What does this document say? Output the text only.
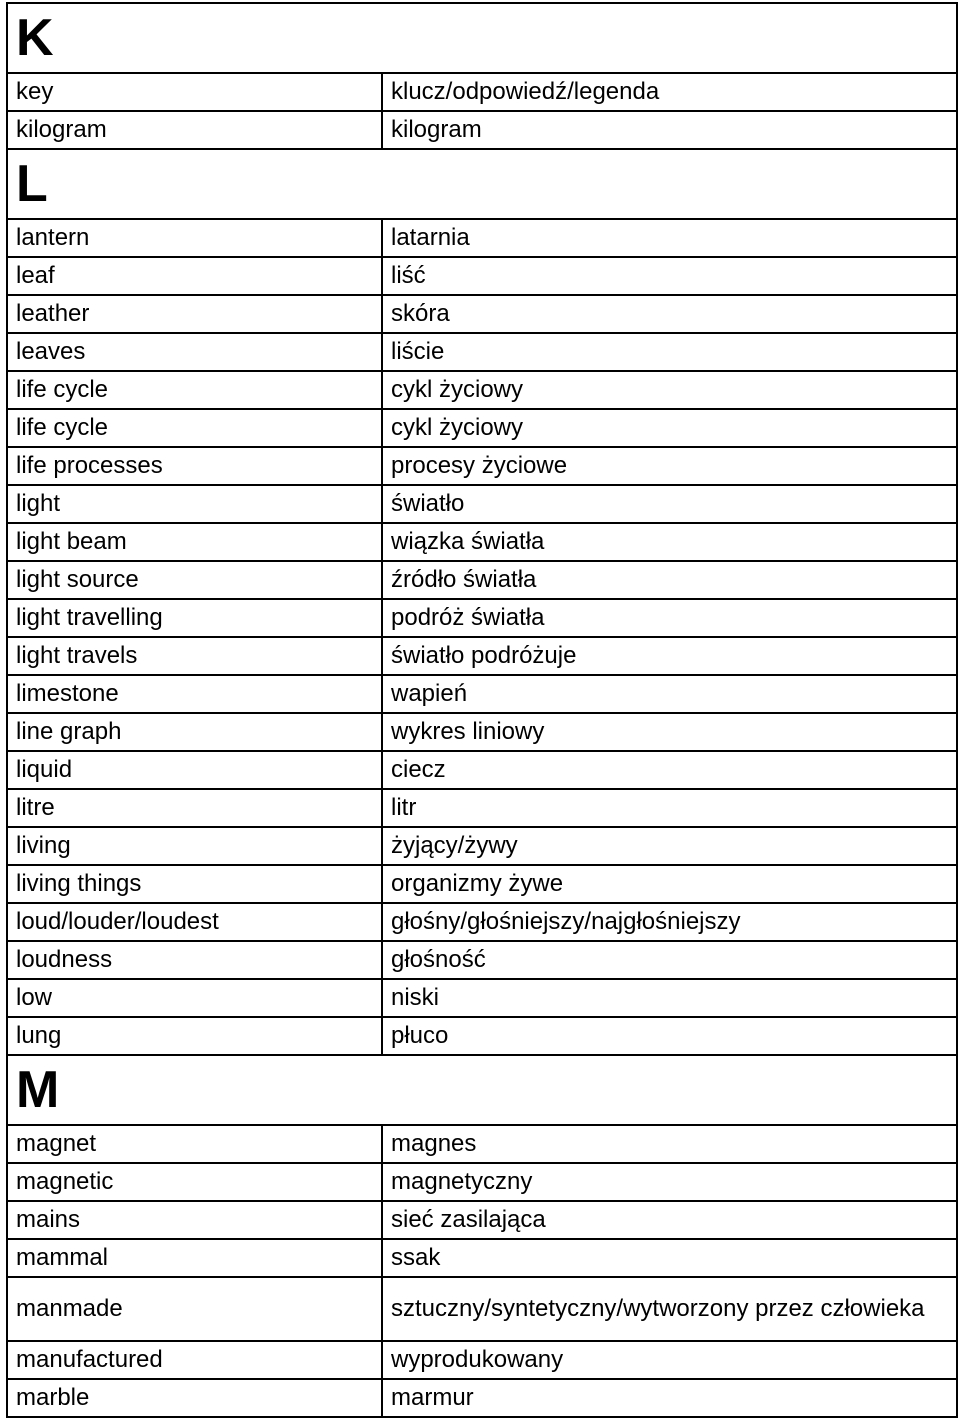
K	
key	klucz/odpowiedź/legenda
kilogram	kilogram
L	
lantern	latarnia
leaf	liść
leather	skóra
leaves	liście
life cycle	cykl życiowy
life cycle	cykl życiowy
life processes	procesy życiowe
light	światło
light beam	wiązka światła
light source	źródło światła
light travelling	podróż światła
light travels	światło podróżuje
limestone	wapień
line graph	wykres liniowy
liquid	ciecz
litre	litr
living	żyjący/żywy
living things	organizmy żywe
loud/louder/loudest	głośny/głośniejszy/najgłośniejszy
loudness	głośność
low	niski
lung	płuco
M	
magnet	magnes
magnetic	magnetyczny
mains	sieć zasilająca
mammal	ssak
manmade	sztuczny/syntetyczny/wytworzony przez człowieka
manufactured	wyprodukowany
marble	marmur
